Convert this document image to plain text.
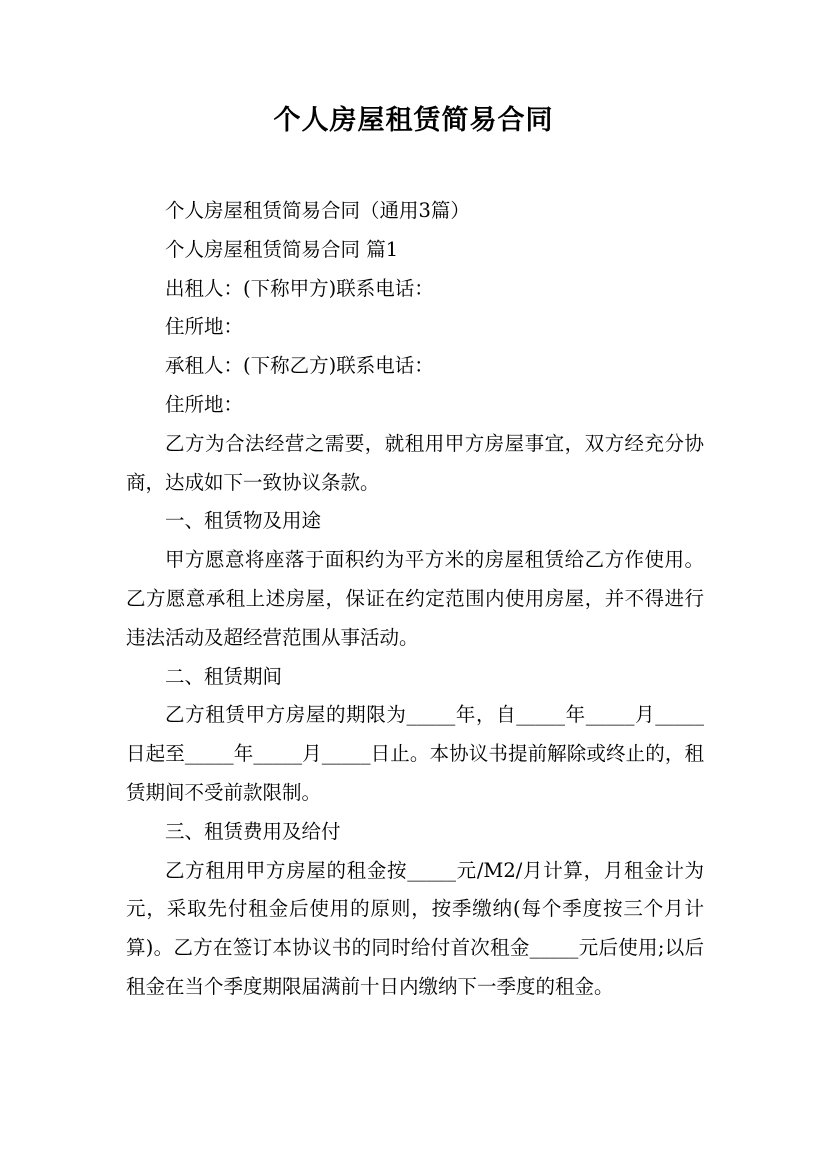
个人房屋租赁简易合同

个人房屋租赁简易合同（通用3篇）

个人房屋租赁简易合同 篇1

出租人：(下称甲方)联系电话：

住所地：

承租人：(下称乙方)联系电话：

住所地：

乙方为合法经营之需要，就租用甲方房屋事宜，双方经充分协商，达成如下一致协议条款。

一、租赁物及用途

甲方愿意将座落于面积约为平方米的房屋租赁给乙方作使用。乙方愿意承租上述房屋，保证在约定范围内使用房屋，并不得进行违法活动及超经营范围从事活动。

二、租赁期间

乙方租赁甲方房屋的期限为_____年，自_____年_____月_____日起至_____年_____月_____日止。本协议书提前解除或终止的，租赁期间不受前款限制。

三、租赁费用及给付

乙方租用甲方房屋的租金按_____元/M2/月计算，月租金计为元，采取先付租金后使用的原则，按季缴纳(每个季度按三个月计算)。乙方在签订本协议书的同时给付首次租金_____元后使用;以后租金在当个季度期限届满前十日内缴纳下一季度的租金。
